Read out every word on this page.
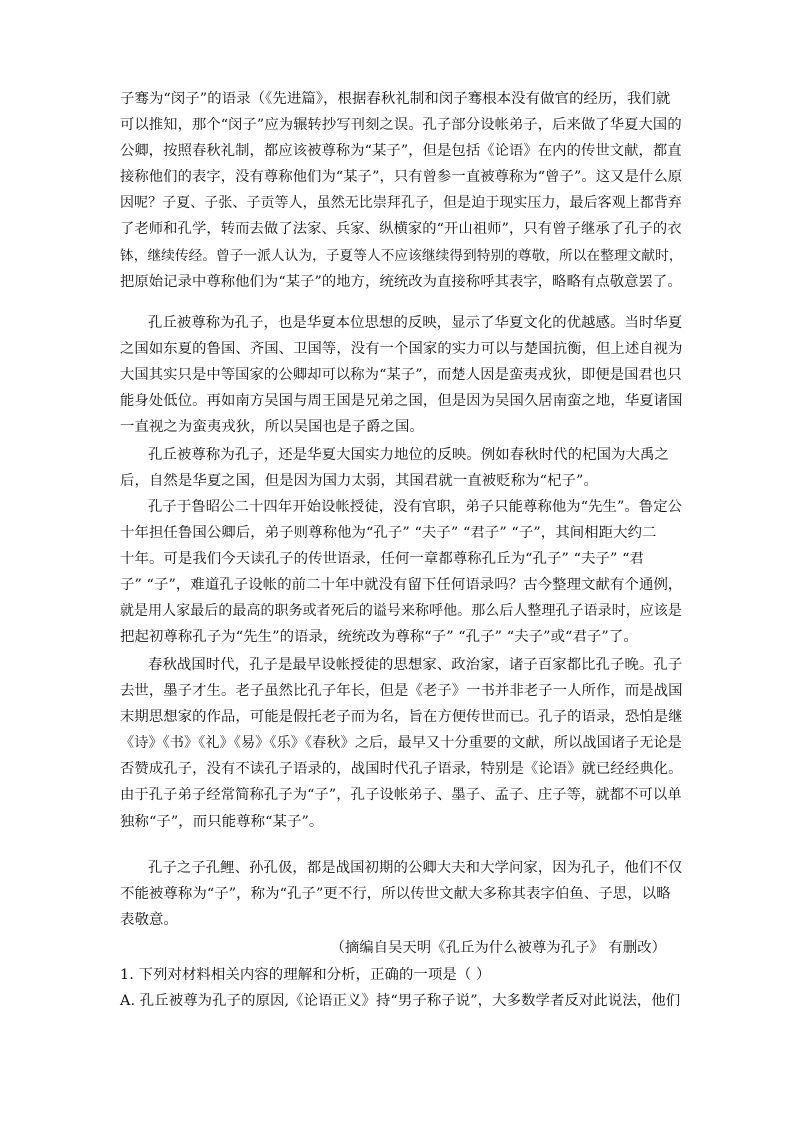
子骞为“闵子”的语录（《先进篇》，根据春秋礼制和闵子骞根本没有做官的经历，我们就
可以推知，那个“闵子”应为辗转抄写刊刻之误。孔子部分设帐弟子，后来做了华夏大国的
公卿，按照春秋礼制，都应该被尊称为“某子”，但是包括《论语》在内的传世文献，都直
接称他们的表字，没有尊称他们为“某子”，只有曾参一直被尊称为“曾子”。这又是什么原
因呢？子夏、子张、子贡等人，虽然无比崇拜孔子，但是迫于现实压力，最后客观上都背弃
了老师和孔学，转而去做了法家、兵家、纵横家的“开山祖师”，只有曾子继承了孔子的衣
钵，继续传经。曾子一派人认为，子夏等人不应该继续得到特别的尊敬，所以在整理文献时，
把原始记录中尊称他们为“某子”的地方，统统改为直接称呼其表字，略略有点敬意罢了。
孔丘被尊称为孔子，也是华夏本位思想的反映，显示了华夏文化的优越感。当时华夏
之国如东夏的鲁国、齐国、卫国等，没有一个国家的实力可以与楚国抗衡，但上述自视为
大国其实只是中等国家的公卿却可以称为“某子”，而楚人因是蛮夷戎狄，即便是国君也只
能身处低位。再如南方吴国与周王国是兄弟之国，但是因为吴国久居南蛮之地，华夏诸国
一直视之为蛮夷戎狄，所以吴国也是子爵之国。
孔丘被尊称为孔子，还是华夏大国实力地位的反映。例如春秋时代的杞国为大禹之
后，自然是华夏之国，但是因为国力太弱，其国君就一直被贬称为“杞子”。
孔子于鲁昭公二十四年开始设帐授徒，没有官职，弟子只能尊称他为“先生”。鲁定公
十年担任鲁国公卿后，弟子则尊称他为“孔子” “夫子” “君子” “子”，其间相距大约二
十年。可是我们今天读孔子的传世语录，任何一章都尊称孔丘为“孔子” “夫子” “君
子” “子”，难道孔子设帐的前二十年中就没有留下任何语录吗？古今整理文献有个通例，
就是用人家最后的最高的职务或者死后的谥号来称呼他。那么后人整理孔子语录时，应该是
把起初尊称孔子为“先生”的语录，统统改为尊称“子” “孔子” “夫子”或“君子”了。
春秋战国时代，孔子是最早设帐授徒的思想家、政治家，诸子百家都比孔子晚。孔子
去世，墨子才生。老子虽然比孔子年长，但是《老子》一书并非老子一人所作，而是战国
末期思想家的作品，可能是假托老子而为名，旨在方便传世而已。孔子的语录，恐怕是继
《诗》《书》《礼》《易》《乐》《春秋》之后，最早又十分重要的文献，所以战国诸子无论是
否赞成孔子，没有不读孔子语录的，战国时代孔子语录，特别是《论语》就已经经典化。
由于孔子弟子经常简称孔子为“子”，孔子设帐弟子、墨子、孟子、庄子等，就都不可以单
独称“子”，而只能尊称“某子”。
孔子之子孔鲤、孙孔伋，都是战国初期的公卿大夫和大学问家，因为孔子，他们不仅
不能被尊称为“子”，称为“孔子”更不行，所以传世文献大多称其表字伯鱼、子思，以略
表敬意。
（摘编自吴天明《孔丘为什么被尊为孔子》 有删改）
1. 下列对材料相关内容的理解和分析，正确的一项是（ ）
A. 孔丘被尊为孔子的原因,《论语正义》持“男子称子说”，大多数学者反对此说法，他们
